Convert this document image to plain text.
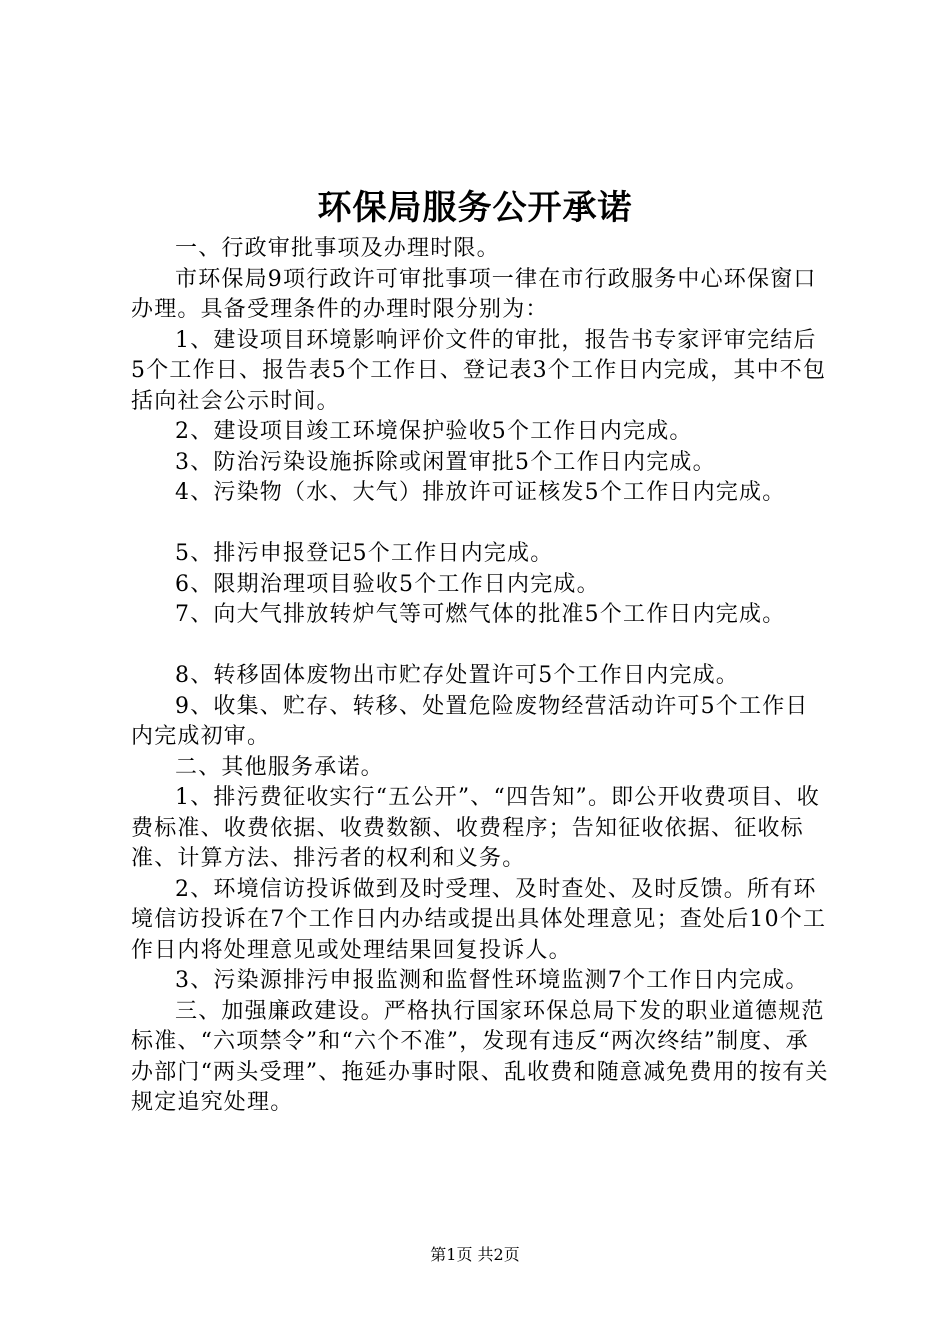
环保局服务公开承诺

一、行政审批事项及办理时限。

市环保局9项行政许可审批事项一律在市行政服务中心环保窗口办理。具备受理条件的办理时限分别为：

1、建设项目环境影响评价文件的审批，报告书专家评审完结后5个工作日、报告表5个工作日、登记表3个工作日内完成，其中不包括向社会公示时间。

2、建设项目竣工环境保护验收5个工作日内完成。

3、防治污染设施拆除或闲置审批5个工作日内完成。

4、污染物（水、大气）排放许可证核发5个工作日内完成。

5、排污申报登记5个工作日内完成。

6、限期治理项目验收5个工作日内完成。

7、向大气排放转炉气等可燃气体的批准5个工作日内完成。

8、转移固体废物出市贮存处置许可5个工作日内完成。

9、收集、贮存、转移、处置危险废物经营活动许可5个工作日内完成初审。

二、其他服务承诺。

1、排污费征收实行“五公开”、“四告知”。即公开收费项目、收费标准、收费依据、收费数额、收费程序；告知征收依据、征收标准、计算方法、排污者的权利和义务。

2、环境信访投诉做到及时受理、及时查处、及时反馈。所有环境信访投诉在7个工作日内办结或提出具体处理意见；查处后10个工作日内将处理意见或处理结果回复投诉人。

3、污染源排污申报监测和监督性环境监测7个工作日内完成。

三、加强廉政建设。严格执行国家环保总局下发的职业道德规范标准、“六项禁令”和“六个不准”，发现有违反“两次终结”制度、承办部门“两头受理”、拖延办事时限、乱收费和随意减免费用的按有关规定追究处理。

第1页 共2页
